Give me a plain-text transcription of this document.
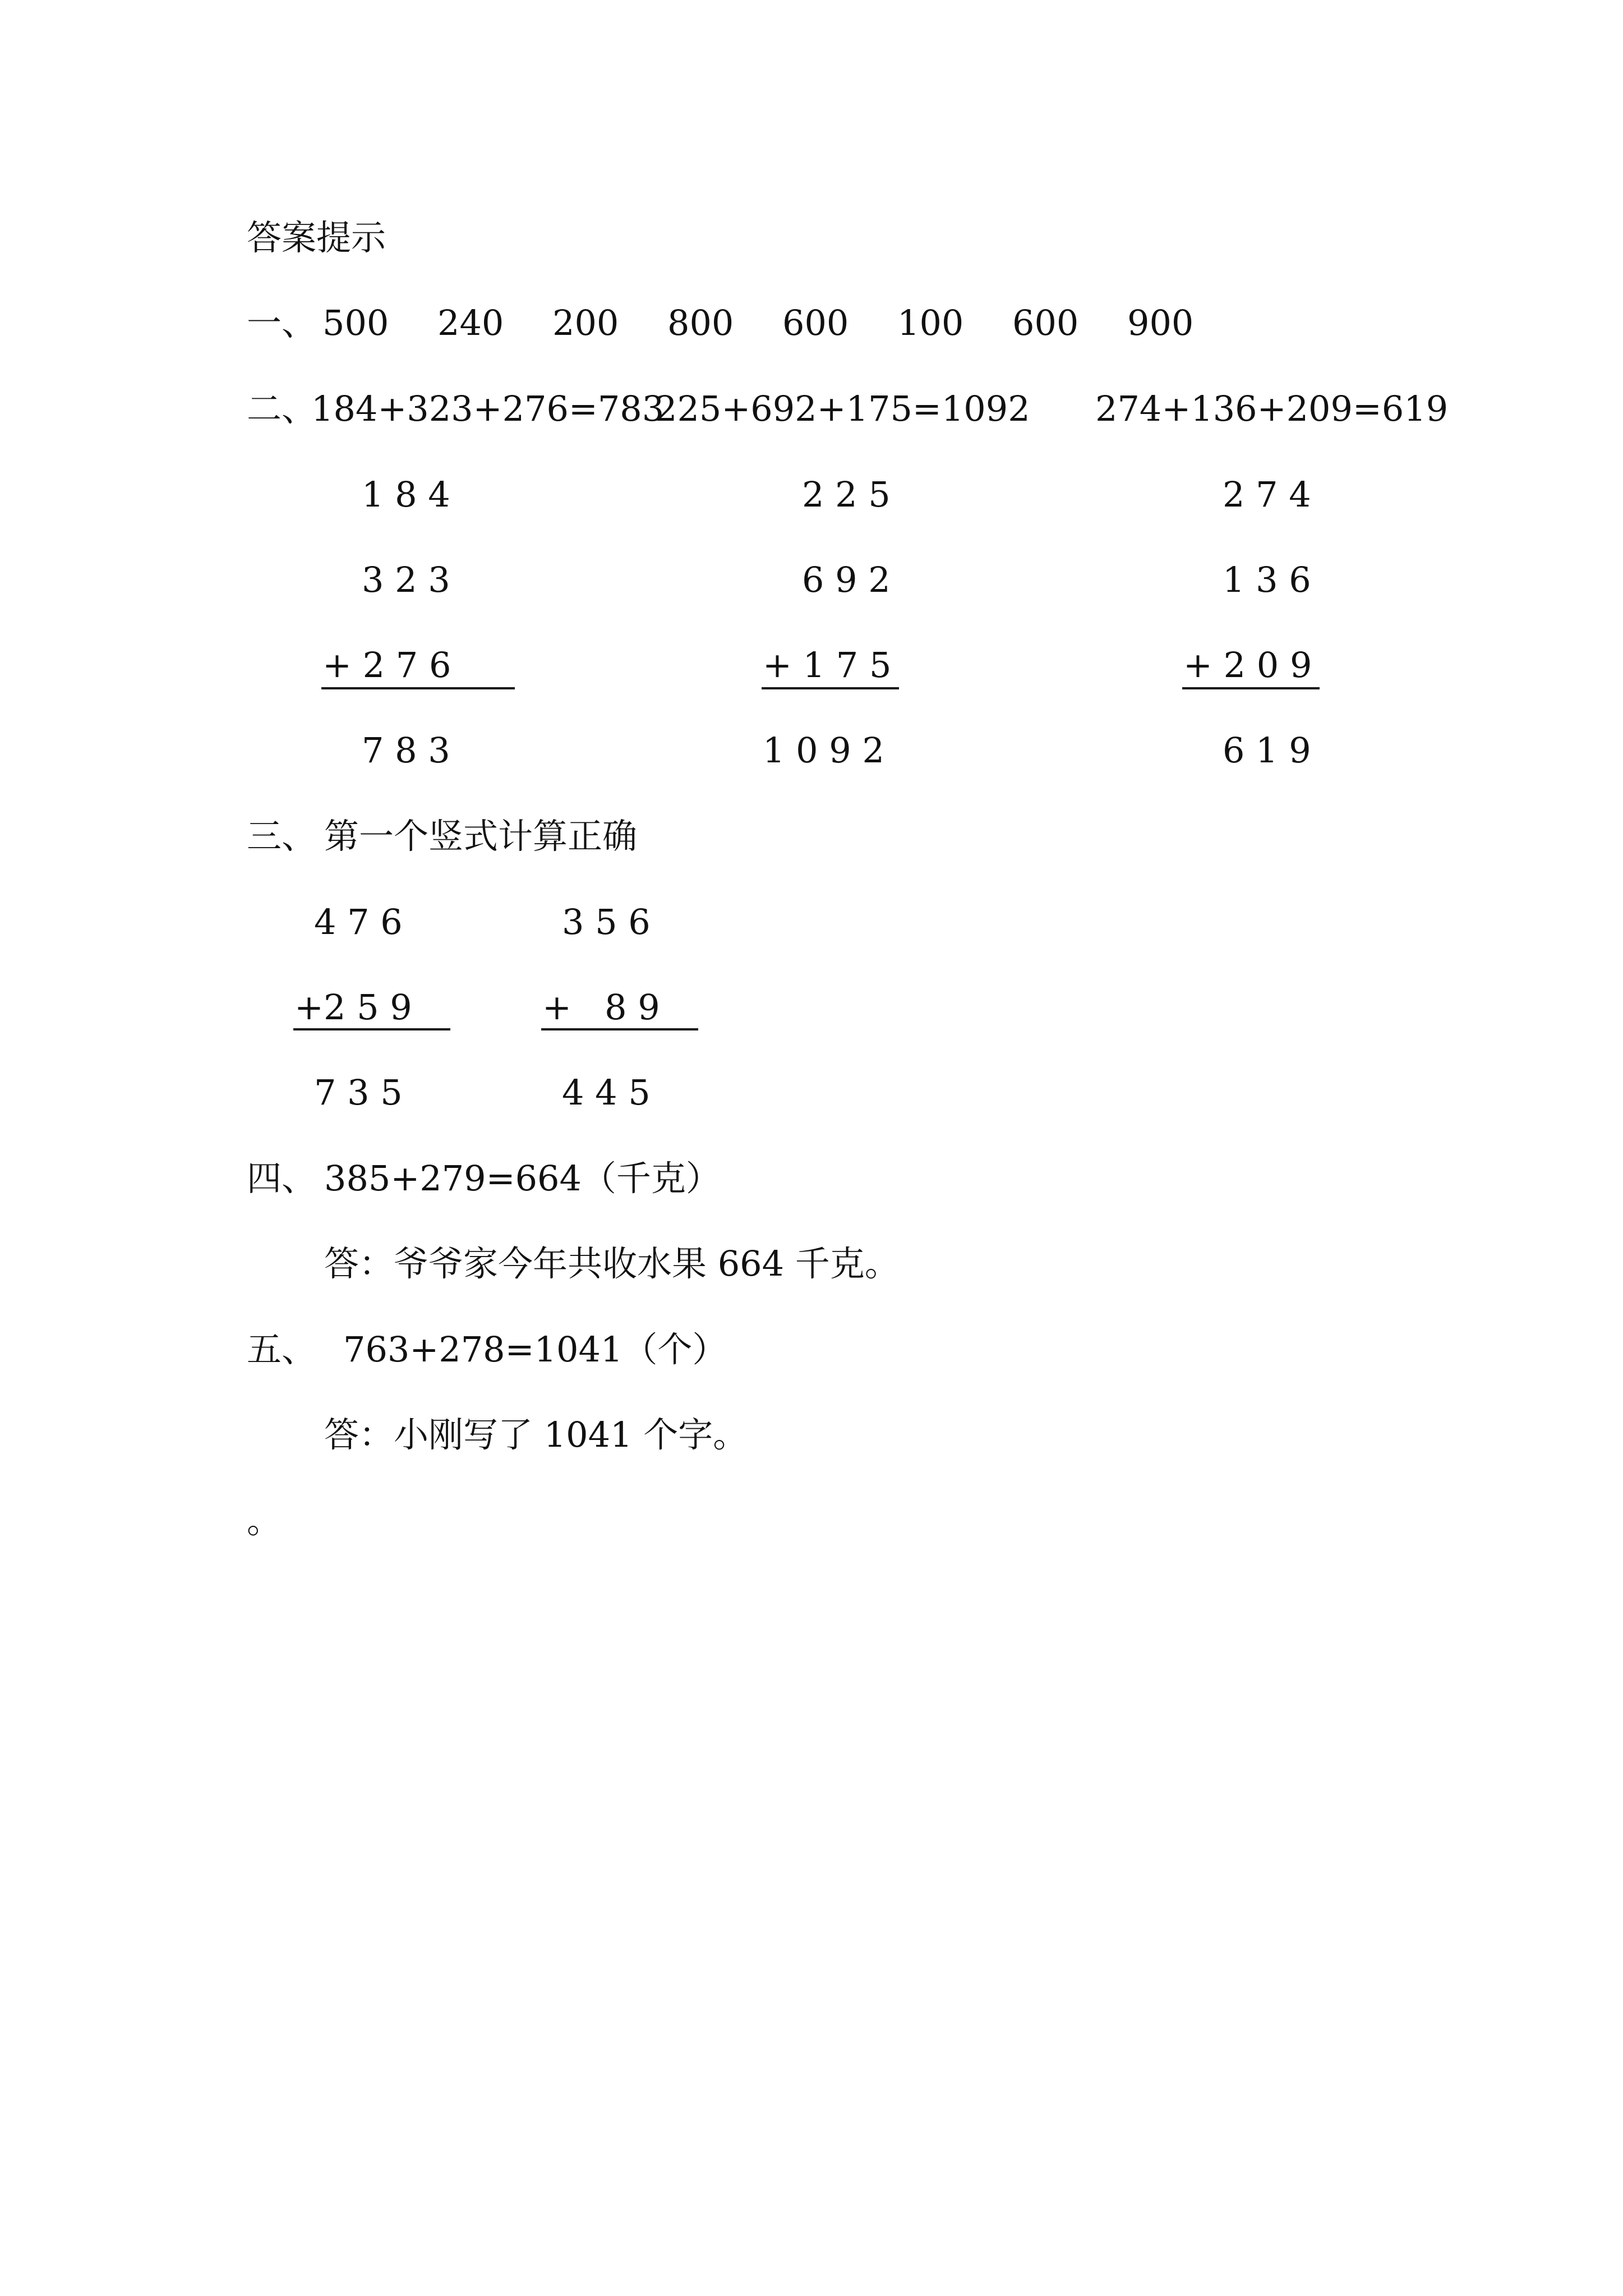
答案提示
一、 500 240 200 800 600 100 600 900
二、
184+323+276=783
225+692+175=1092 274+136+209=619
1 8 4
3 2 3
+ 2 7 6
7 8 3
2 2 5
6 9 2
+ 1 7 5
1 0 9 2
2 7 4
1 3 6
+ 2 0 9
6 1 9
三、 第一个竖式计算正确
4 7 6
+2 5 9
7 3 5
3 5 6
+   8 9
4 4 5
四、 385+279=664（千克）
答：爷爷家今年共收水果 664 千克。
五、 763+278=1041（个）
答：小刚写了 1041 个字。
。
